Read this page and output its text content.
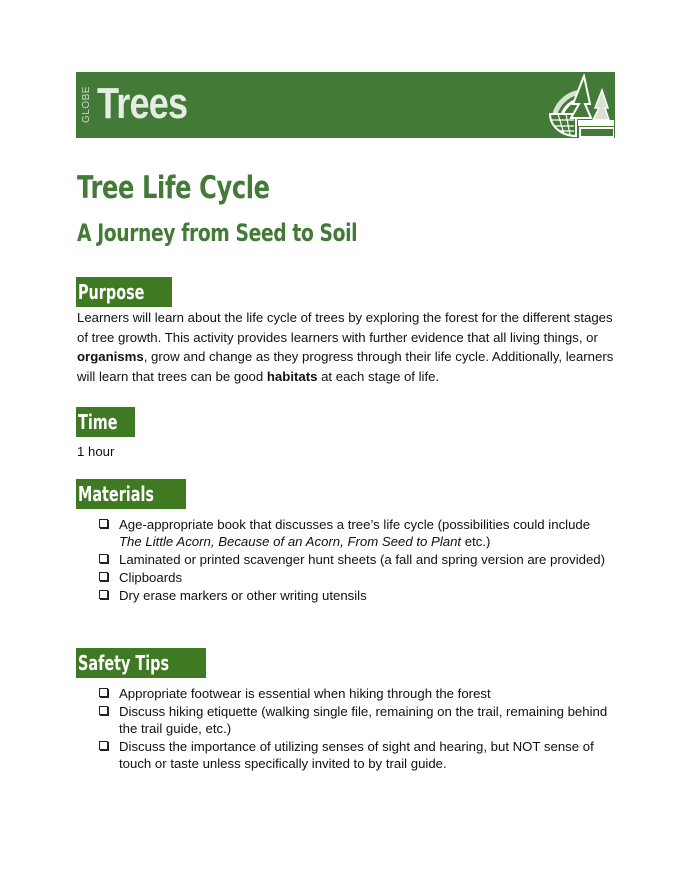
GLOBE Trees
Tree Life Cycle
A Journey from Seed to Soil
Purpose
Learners will learn about the life cycle of trees by exploring the forest for the different stages of tree growth. This activity provides learners with further evidence that all living things, or organisms, grow and change as they progress through their life cycle. Additionally, learners will learn that trees can be good habitats at each stage of life.
Time
1 hour
Materials
Age-appropriate book that discusses a tree’s life cycle (possibilities could include The Little Acorn, Because of an Acorn, From Seed to Plant etc.)
Laminated or printed scavenger hunt sheets (a fall and spring version are provided)
Clipboards
Dry erase markers or other writing utensils
Safety Tips
Appropriate footwear is essential when hiking through the forest
Discuss hiking etiquette (walking single file, remaining on the trail, remaining behind the trail guide, etc.)
Discuss the importance of utilizing senses of sight and hearing, but NOT sense of touch or taste unless specifically invited to by trail guide.
